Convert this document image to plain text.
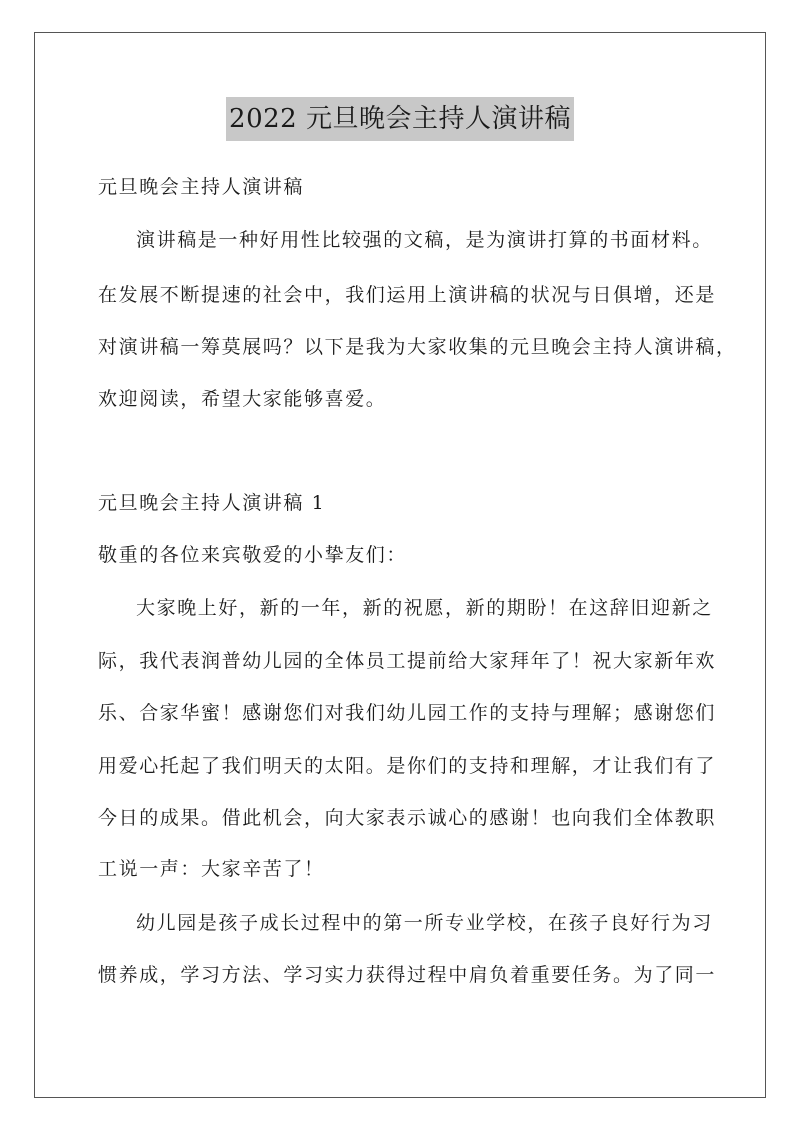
2022 元旦晚会主持人演讲稿
元旦晚会主持人演讲稿
演讲稿是一种好用性比较强的文稿，是为演讲打算的书面材料。
在发展不断提速的社会中，我们运用上演讲稿的状况与日俱增，还是
对演讲稿一筹莫展吗？以下是我为大家收集的元旦晚会主持人演讲稿，
欢迎阅读，希望大家能够喜爱。
元旦晚会主持人演讲稿 1
敬重的各位来宾敬爱的小挚友们：
大家晚上好，新的一年，新的祝愿，新的期盼！在这辞旧迎新之
际，我代表润普幼儿园的全体员工提前给大家拜年了！祝大家新年欢
乐、合家华蜜！感谢您们对我们幼儿园工作的支持与理解；感谢您们
用爱心托起了我们明天的太阳。是你们的支持和理解，才让我们有了
今日的成果。借此机会，向大家表示诚心的感谢！也向我们全体教职
工说一声：大家辛苦了！
幼儿园是孩子成长过程中的第一所专业学校，在孩子良好行为习
惯养成，学习方法、学习实力获得过程中肩负着重要任务。为了同一
